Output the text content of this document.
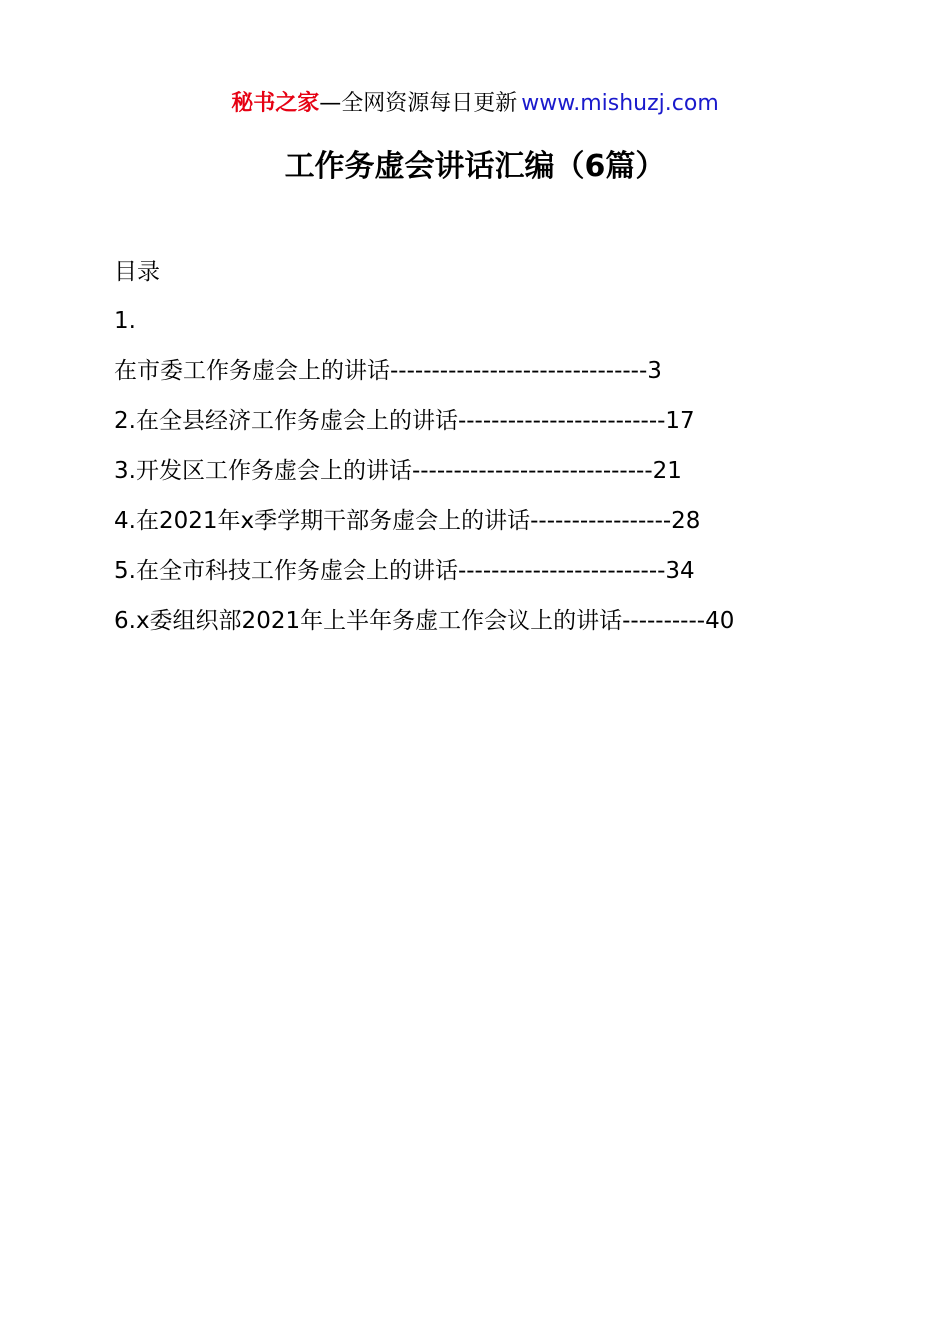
秘书之家—全网资源每日更新 www.mishuzj.com
工作务虚会讲话汇编（6篇）
目录
1.
在市委工作务虚会上的讲话-------------------------------3
2.在全县经济工作务虚会上的讲话-------------------------17
3.开发区工作务虚会上的讲话-----------------------------21
4.在2021年x季学期干部务虚会上的讲话-----------------28
5.在全市科技工作务虚会上的讲话-------------------------34
6.x委组织部2021年上半年务虚工作会议上的讲话----------40
